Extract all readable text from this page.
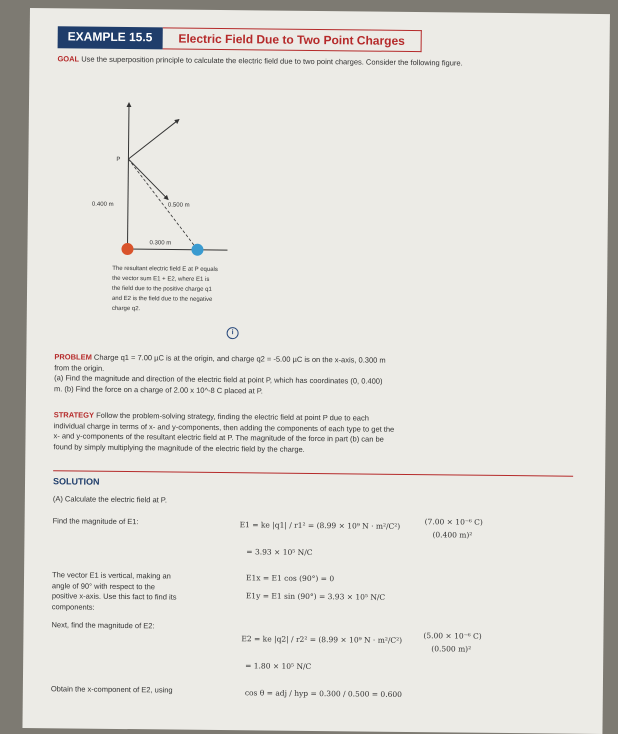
EXAMPLE 15.5	Electric Field Due to Two Point Charges
GOAL Use the superposition principle to calculate the electric field due to two point charges. Consider the following figure.
P
0.400 m	0.500 m
0.300 m
The resultant electric field E at P equals
the vector sum E1 + E2, where E1 is
the field due to the positive charge q1
and E2 is the field due to the negative
charge q2.
i
PROBLEM Charge q1 = 7.00 µC is at the origin, and charge q2 = -5.00 µC is on the x-axis, 0.300 m
from the origin.
(a) Find the magnitude and direction of the electric field at point P, which has coordinates (0, 0.400)
m. (b) Find the force on a charge of 2.00 x 10^-8 C placed at P.
STRATEGY Follow the problem-solving strategy, finding the electric field at point P due to each
individual charge in terms of x- and y-components, then adding the components of each type to get the
x- and y-components of the resultant electric field at P. The magnitude of the force in part (b) can be
found by simply multiplying the magnitude of the electric field by the charge.
SOLUTION
(A) Calculate the electric field at P.
Find the magnitude of E1:	E1 = ke |q1| / r1² = (8.99 × 10⁹ N · m²/C²)	(7.00 × 10⁻⁶ C)
(0.400 m)²
= 3.93 × 10⁵ N/C
The vector E1 is vertical, making an
angle of 90° with respect to the
positive x-axis. Use this fact to find its
components:
E1x = E1 cos (90°) = 0
E1y = E1 sin (90°) = 3.93 × 10⁵ N/C
Next, find the magnitude of E2:
E2 = ke |q2| / r2² = (8.99 × 10⁹ N · m²/C²)	(5.00 × 10⁻⁶ C)
(0.500 m)²
= 1.80 × 10⁵ N/C
Obtain the x-component of E2, using	cos θ = adj / hyp = 0.300 / 0.500 = 0.600
